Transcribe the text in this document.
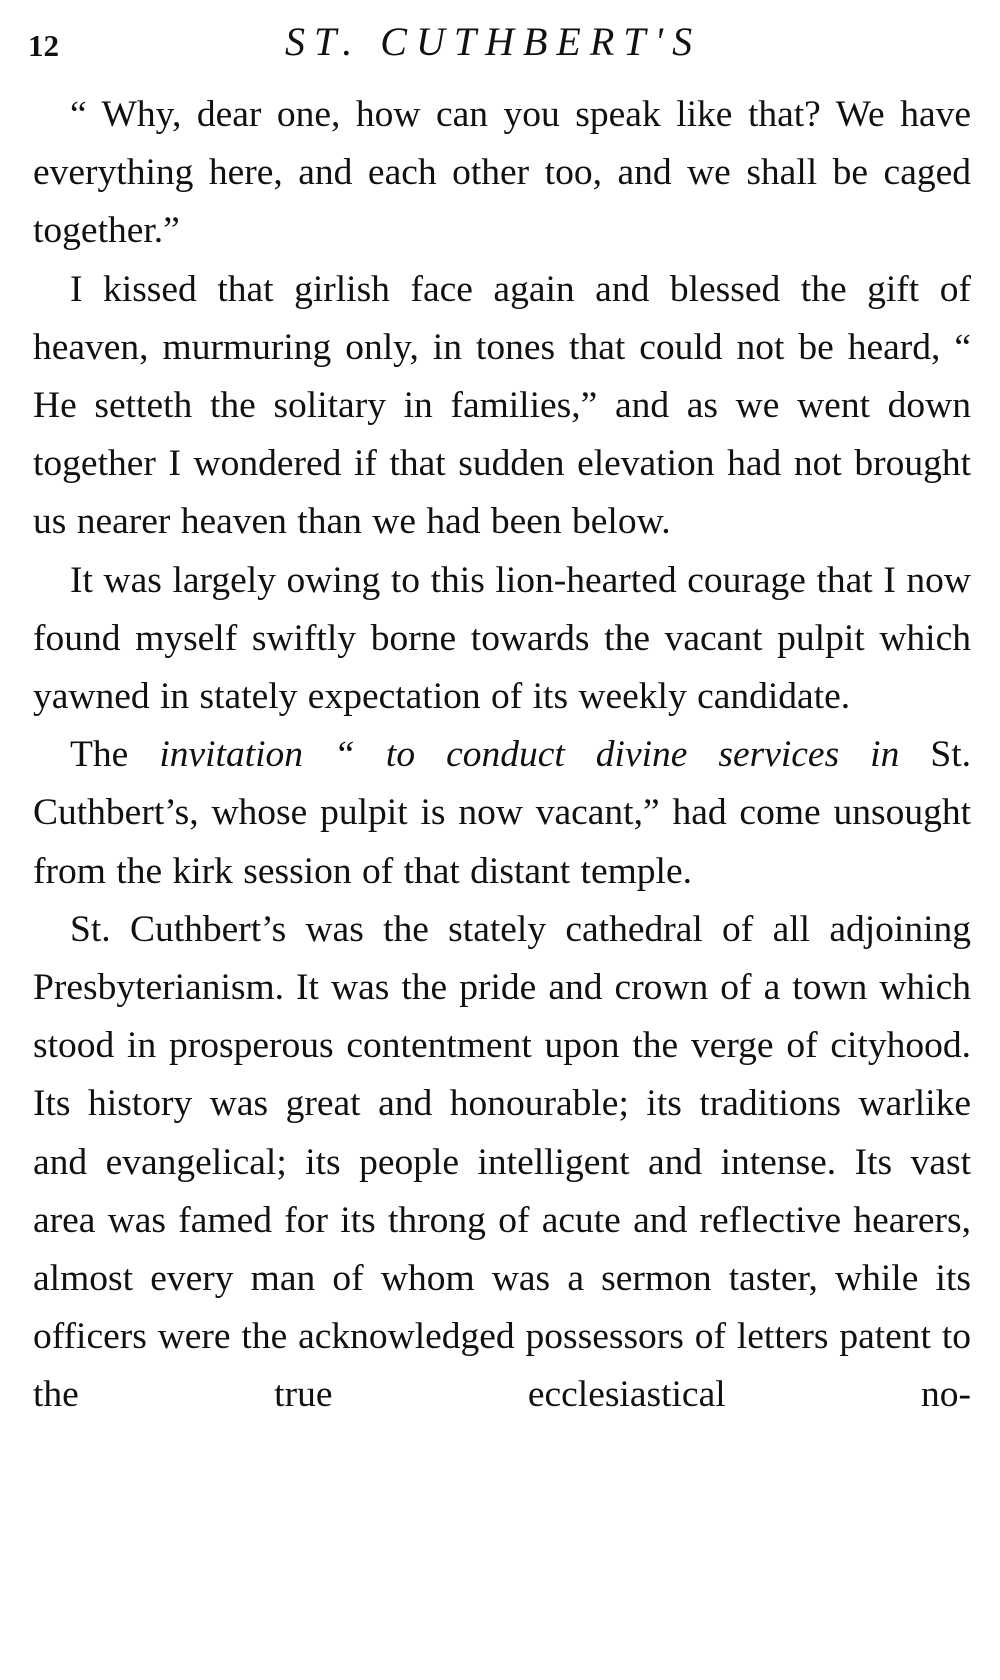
12	ST. CUTHBERT'S

“ Why, dear one, how can you speak like that? We have everything here, and each other too, and we shall be caged together.”

I kissed that girlish face again and blessed the gift of heaven, murmuring only, in tones that could not be heard, “ He setteth the solitary in families,” and as we went down together I wondered if that sudden elevation had not brought us nearer heaven than we had been below.

It was largely owing to this lion-hearted courage that I now found myself swiftly borne towards the vacant pulpit which yawned in stately expectation of its weekly candidate.

The invitation “ to conduct divine services in St. Cuthbert’s, whose pulpit is now vacant,” had come unsought from the kirk session of that distant temple.

St. Cuthbert’s was the stately cathedral of all adjoining Presbyterianism. It was the pride and crown of a town which stood in prosperous contentment upon the verge of cityhood. Its history was great and honourable; its traditions warlike and evangelical; its people intelligent and intense. Its vast area was famed for its throng of acute and reflective hearers, almost every man of whom was a sermon taster, while its officers were the acknowledged possessors of letters patent to the true ecclesiastical no-
